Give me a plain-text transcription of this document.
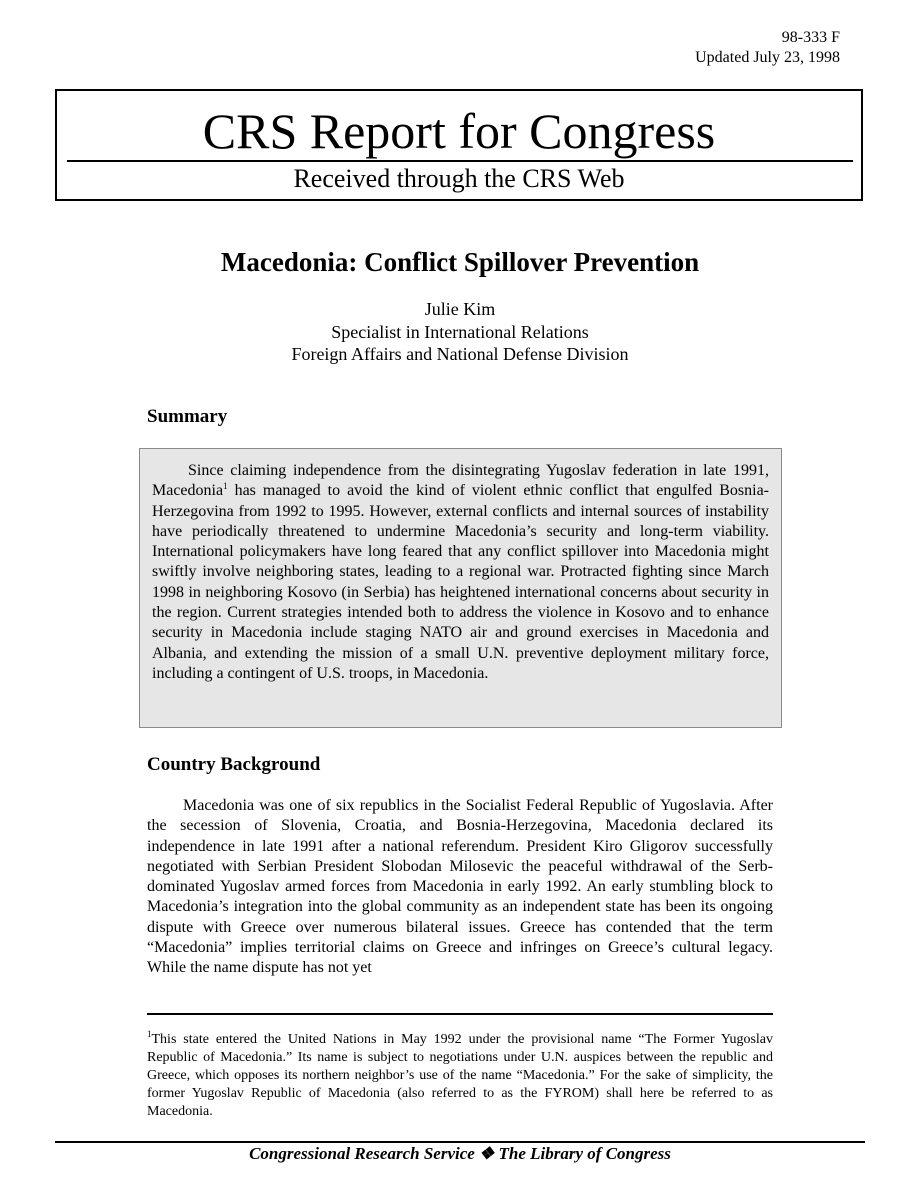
98-333 F
Updated July 23, 1998
CRS Report for Congress
Received through the CRS Web
Macedonia: Conflict Spillover Prevention
Julie Kim
Specialist in International Relations
Foreign Affairs and National Defense Division
Summary

Since claiming independence from the disintegrating Yugoslav federation in late 1991, Macedonia$^1$ has managed to avoid the kind of violent ethnic conflict that engulfed Bosnia-Herzegovina from 1992 to 1995. However, external conflicts and internal sources of instability have periodically threatened to undermine Macedonia’s security and long-term viability. International policymakers have long feared that any conflict spillover into Macedonia might swiftly involve neighboring states, leading to a regional war. Protracted fighting since March 1998 in neighboring Kosovo (in Serbia) has heightened international concerns about security in the region. Current strategies intended both to address the violence in Kosovo and to enhance security in Macedonia include staging NATO air and ground exercises in Macedonia and Albania, and extending the mission of a small U.N. preventive deployment military force, including a contingent of U.S. troops, in Macedonia.

Country Background

Macedonia was one of six republics in the Socialist Federal Republic of Yugoslavia. After the secession of Slovenia, Croatia, and Bosnia-Herzegovina, Macedonia declared its independence in late 1991 after a national referendum. President Kiro Gligorov successfully negotiated with Serbian President Slobodan Milosevic the peaceful withdrawal of the Serb-dominated Yugoslav armed forces from Macedonia in early 1992. An early stumbling block to Macedonia’s integration into the global community as an independent state has been its ongoing dispute with Greece over numerous bilateral issues. Greece has contended that the term “Macedonia” implies territorial claims on Greece and infringes on Greece’s cultural legacy. While the name dispute has not yet

$^1$This state entered the United Nations in May 1992 under the provisional name “The Former Yugoslav Republic of Macedonia.” Its name is subject to negotiations under U.N. auspices between the republic and Greece, which opposes its northern neighbor’s use of the name “Macedonia.” For the sake of simplicity, the former Yugoslav Republic of Macedonia (also referred to as the FYROM) shall here be referred to as Macedonia.

Congressional Research Service ❖ The Library of Congress
